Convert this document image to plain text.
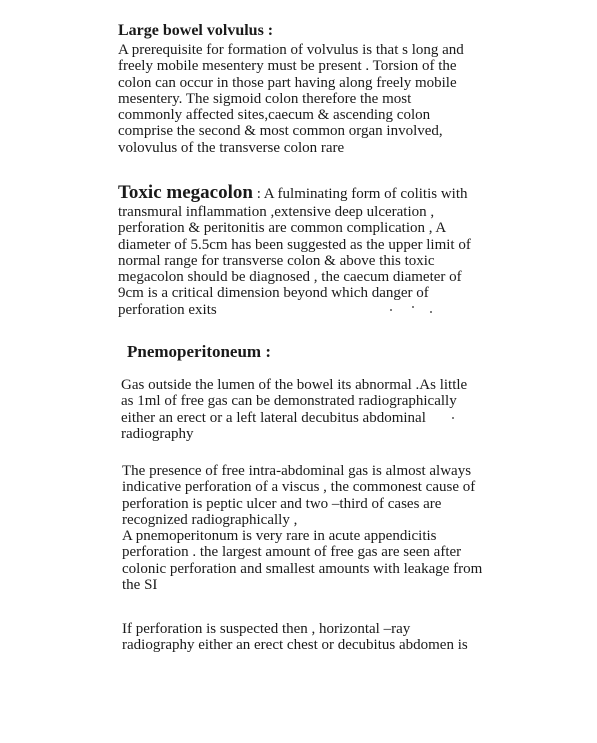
Large bowel volvulus :
A prerequisite for formation of volvulus is that s long and
freely mobile mesentery must be present . Torsion of the
colon can occur in those part having along freely mobile
mesentery. The sigmoid colon therefore the most
commonly affected sites,caecum & ascending colon
comprise the second & most common organ involved,
volovulus of the transverse colon rare
Toxic megacolon : A fulminating form of colitis with
transmural inflammation ,extensive deep ulceration ,
perforation & peritonitis are common complication , A
diameter of 5.5cm has been suggested as the upper limit of
normal range for transverse colon & above this toxic
megacolon should be diagnosed , the caecum diameter of
9cm is a critical dimension beyond which danger of
perforation exits
Pnemoperitoneum :
Gas outside the lumen of the bowel its abnormal .As little
as 1ml of free gas can be demonstrated radiographically
either an erect or a left lateral decubitus abdominal
radiography
The presence of free intra-abdominal gas is almost always
indicative perforation of a viscus , the commonest cause of
perforation is peptic ulcer and two –third of cases are
recognized radiographically ,
A pnemoperitonum is very rare in acute appendicitis
perforation . the largest amount of free gas are seen after
colonic perforation and smallest amounts with leakage from
the SI
If perforation is suspected then , horizontal –ray
radiography either an erect chest or decubitus abdomen is
